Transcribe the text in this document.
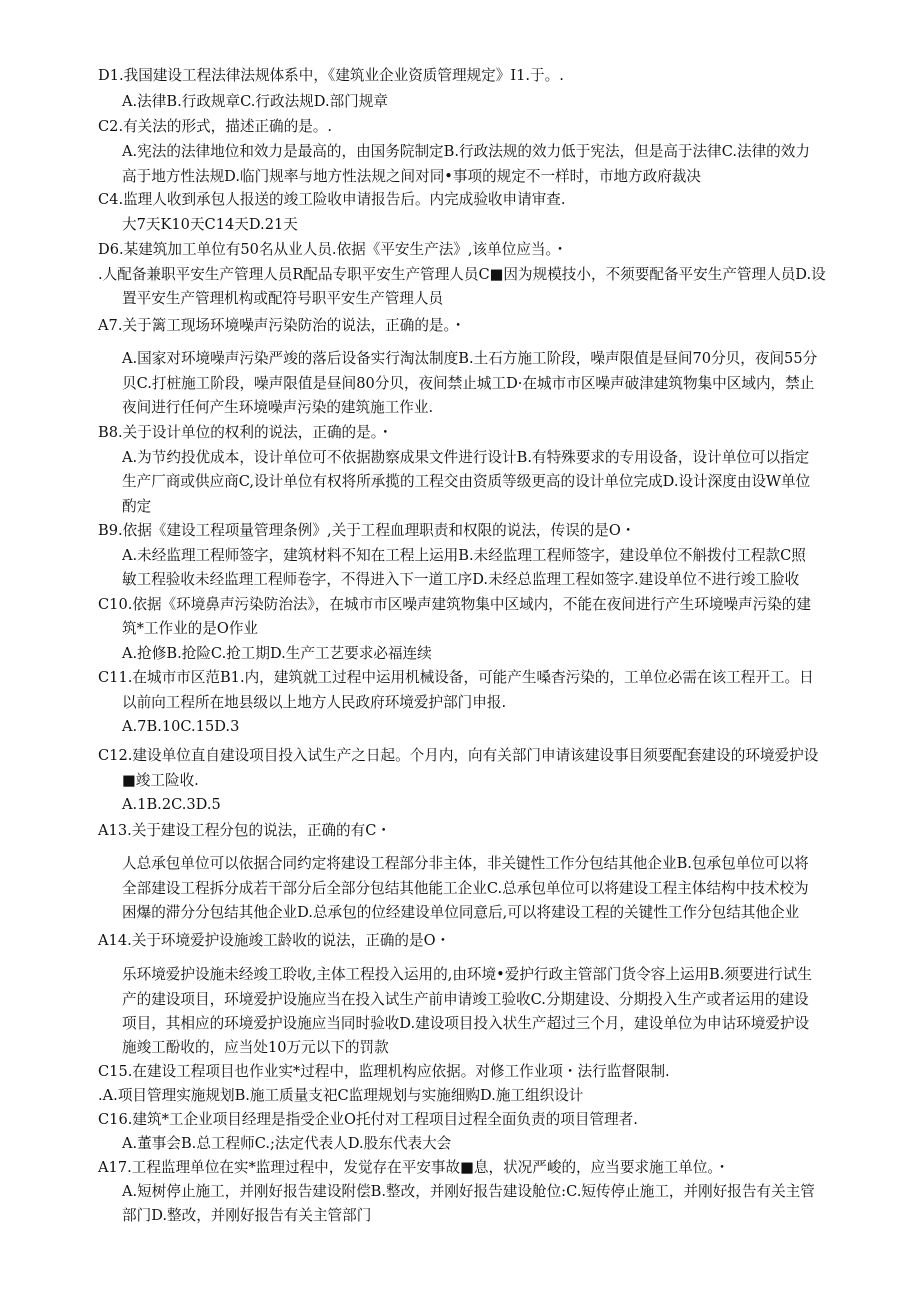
D1.我国建设工程法律法规体系中，《建筑业企业资质管理规定》I1.于。.
A.法律B.行政规章C.行政法规D.部门规章
C2.有关法的形式，描述正确的是。.
A.宪法的法律地位和效力是最高的，由国务院制定B.行政法规的效力低于宪法，但是高于法律C.法律的效力
高于地方性法规D.临门规率与地方性法规之间对同•事项的规定不一样时，市地方政府裁决
C4.监理人收到承包人报送的竣工险收申请报告后。内完成验收申请审查.
大7天K10天C14天D.21天
D6.某建筑加工单位有50名从业人员.依据《平安生产法》,该单位应当。・
.人配备兼职平安生产管理人员R配品专职平安生产管理人员C■因为规模技小，不须要配备平安生产管理人员D.设
置平安生产管理机构或配符号职平安生产管理人员
A7.关于篱工现场环境噪声污染防治的说法，正确的是。・
A.国家对环境噪声污染严竣的落后设备实行淘汰制度B.土石方施工阶段，噪声限值是昼间70分贝，夜间55分
贝C.打桩施工阶段，噪声限值是昼间80分贝，夜间禁止城工D·在城市市区噪声破津建筑物集中区域内，禁止
夜间进行任何产生环境噪声污染的建筑施工作业.
B8.关于设计单位的权利的说法，正确的是。・
A.为节约投优成本，设计单位可不依据勘察成果文件进行设计B.有特殊要求的专用设备，设计单位可以指定
生产厂商或供应商C,设计单位有权将所承揽的工程交由资质等级更高的设计单位完成D.设计深度由设W单位
酌定
B9.依据《建设工程项量管理条例》,关于工程血理职责和权限的说法，传误的是O・
A.未经监理工程师签字，建筑材料不知在工程上运用B.未经监理工程师签字，建设单位不斛拨付工程款C照
敏工程验收未经监理工程师卷字，不得进入下一道工序D.未经总监理工程如签字.建设单位不进行竣工脸收
C10.依据《环境鼻声污染防治法》，在城市市区噪声建筑物集中区域内，不能在夜间进行产生环境噪声污染的建
筑*工作业的是O作业
A.抢修B.抢险C.抢工期D.生产工艺要求必福连续
C11.在城市市区范B1.内，建筑就工过程中运用机械设备，可能产生嗓杳污染的，工单位必需在该工程开工。日
以前向工程所在地县级以上地方人民政府环境爱护部门申报.
A.7B.10C.15D.3
C12.建设单位直自建设项目投入试生产之日起。个月内，向有关部门申请该建设事目须要配套建设的环境爱护设
■竣工险收.
A.1B.2C.3D.5
A13.关于建设工程分包的说法，正确的有C・
人总承包单位可以依据合同约定将建设工程部分非主体，非关键性工作分包结其他企业B.包承包单位可以将
全部建设工程拆分成若干部分后全部分包结其他能工企业C.总承包单位可以将建设工程主体结构中技术校为
困爆的滞分分包结其他企业D.总承包的位经建设单位同意后,可以将建设工程的关键性工作分包结其他企业
A14.关于环境爱护设施竣工龄收的说法，正确的是O・
乐环境爱护设施未经竣工聆收,主体工程投入运用的,由环境•爱护行政主管部门货令容上运用B.须要进行试生
产的建设项目，环境爱护设施应当在投入试生产前申请竣工验收C.分期建设、分期投入生产或者运用的建设
项目，其相应的环境爱护设施应当同时验收D.建设项目投入状生产超过三个月，建设单位为申诂环境爱护设
施竣工酚收的，应当处10万元以下的罚款
C15.在建设工程项目也作业实*过程中，监理机构应依据。对修工作业项・法行监督限制.
.A.项目管理实施规划B.施工质量支祀C监理规划与实施细购D.施工组织设计
C16.建筑*工企业项目经理是指受企业O托付对工程项目过程全面负责的项目管理者.
A.董事会B.总工程师C.;法定代表人D.股东代表大会
A17.工程监理单位在实*监理过程中，发觉存在平安事故■息，状况严峻的，应当要求施工单位。・
A.短树停止施工，并刚好报告建设附偿B.整改，并刚好报告建设舱位:C.短传停止施工，并刚好报告有关主管
部门D.整改，并刚好报告有关主管部门
